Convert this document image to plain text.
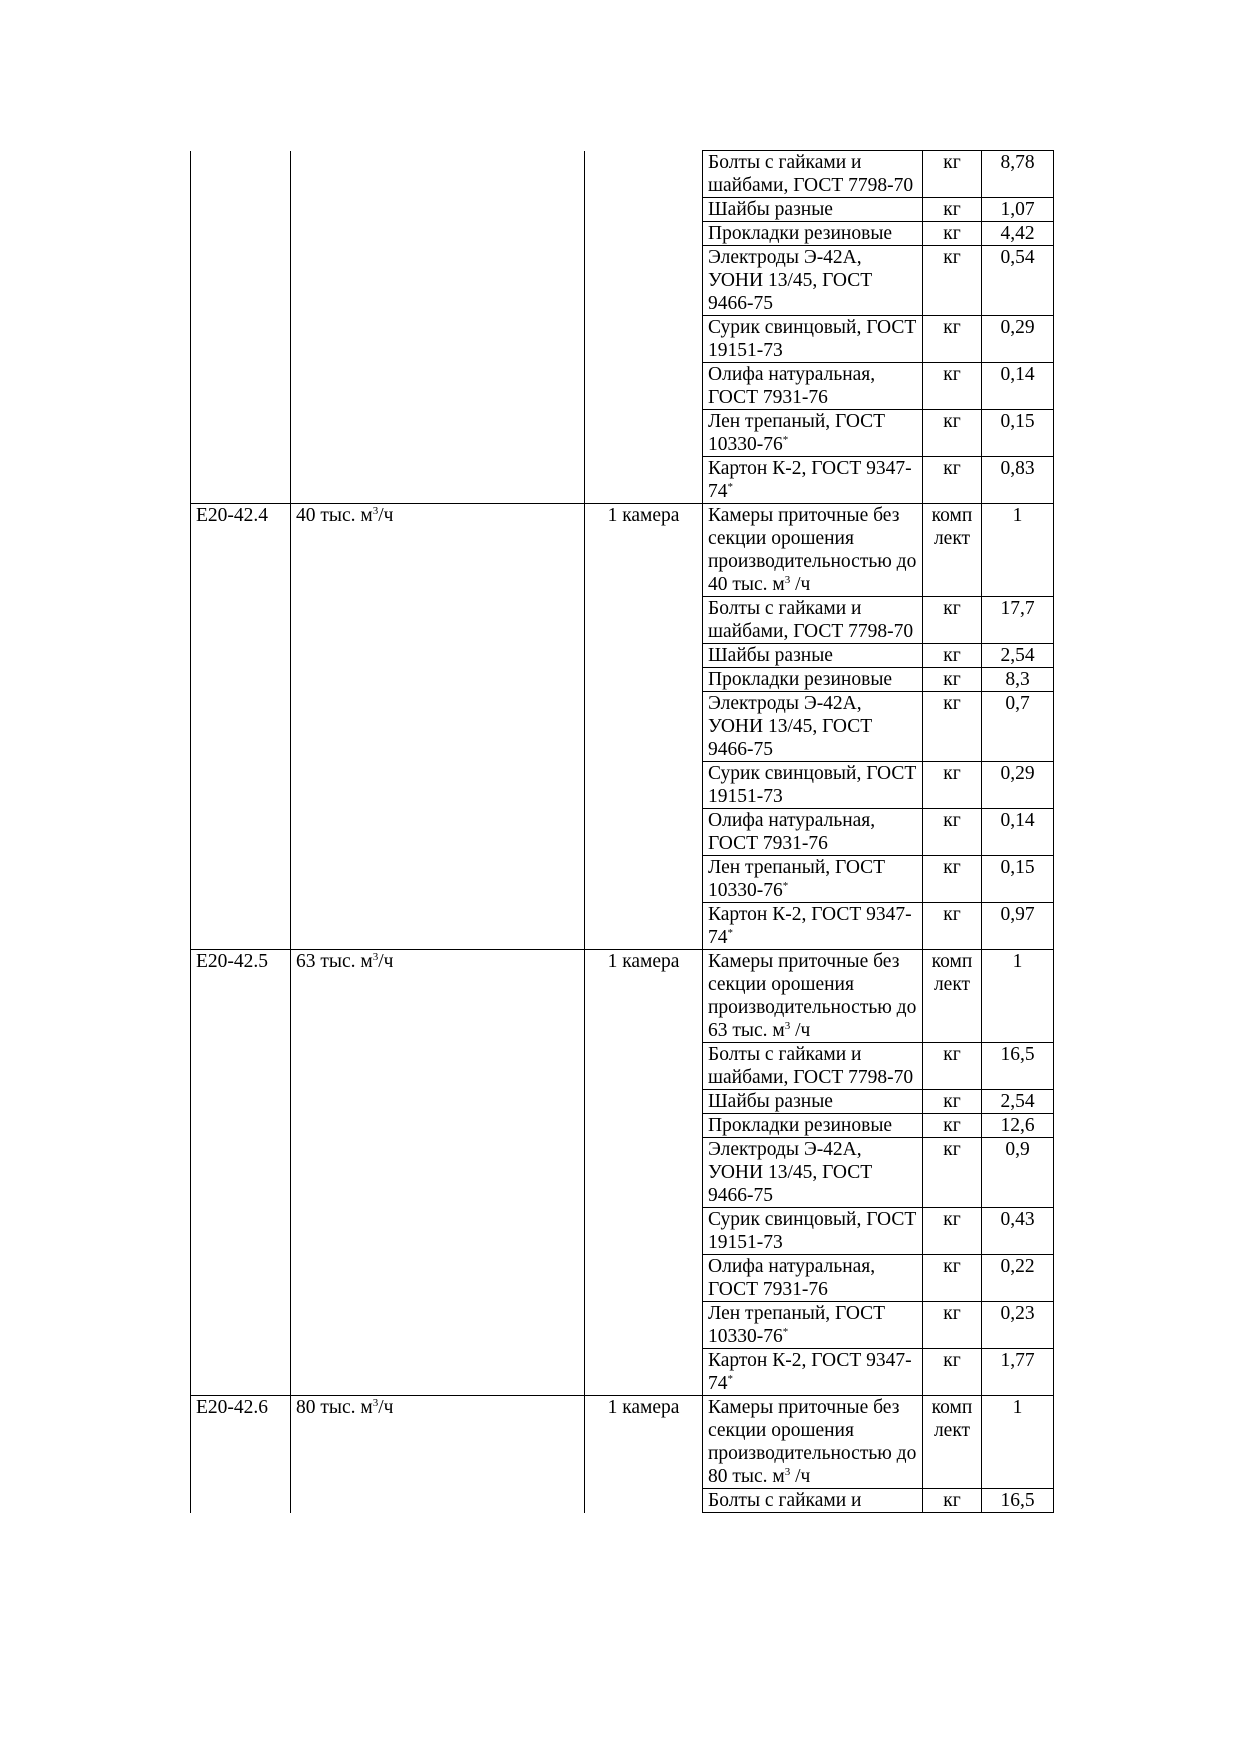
			Болты с гайками и шайбами, ГОСТ 7798-70	кг	8,78
			Шайбы разные	кг	1,07
			Прокладки резиновые	кг	4,42
			Электроды Э-42А, УОНИ 13/45, ГОСТ 9466-75	кг	0,54
			Сурик свинцовый, ГОСТ 19151-73	кг	0,29
			Олифа натуральная, ГОСТ 7931-76	кг	0,14
			Лен трепаный, ГОСТ 10330-76*	кг	0,15
			Картон К-2, ГОСТ 9347-74*	кг	0,83
Е20-42.4	40 тыс. $м^3/ч$	1 камера	Камеры приточные без секции орошения производительностью до 40 тыс. $м^3$ /ч	комп лект	1
			Болты с гайками и шайбами, ГОСТ 7798-70	кг	17,7
			Шайбы разные	кг	2,54
			Прокладки резиновые	кг	8,3
			Электроды Э-42А, УОНИ 13/45, ГОСТ 9466-75	кг	0,7
			Сурик свинцовый, ГОСТ 19151-73	кг	0,29
			Олифа натуральная, ГОСТ 7931-76	кг	0,14
			Лен трепаный, ГОСТ 10330-76*	кг	0,15
			Картон К-2, ГОСТ 9347-74*	кг	0,97
Е20-42.5	63 тыс. $м^3/ч$	1 камера	Камеры приточные без секции орошения производительностью до 63 тыс. $м^3$ /ч	комп лект	1
			Болты с гайками и шайбами, ГОСТ 7798-70	кг	16,5
			Шайбы разные	кг	2,54
			Прокладки резиновые	кг	12,6
			Электроды Э-42А, УОНИ 13/45, ГОСТ 9466-75	кг	0,9
			Сурик свинцовый, ГОСТ 19151-73	кг	0,43
			Олифа натуральная, ГОСТ 7931-76	кг	0,22
			Лен трепаный, ГОСТ 10330-76*	кг	0,23
			Картон К-2, ГОСТ 9347-74*	кг	1,77
Е20-42.6	80 тыс. $м^3/ч$	1 камера	Камеры приточные без секции орошения производительностью до 80 тыс. $м^3$ /ч	комп лект	1
			Болты с гайками и	кг	16,5
